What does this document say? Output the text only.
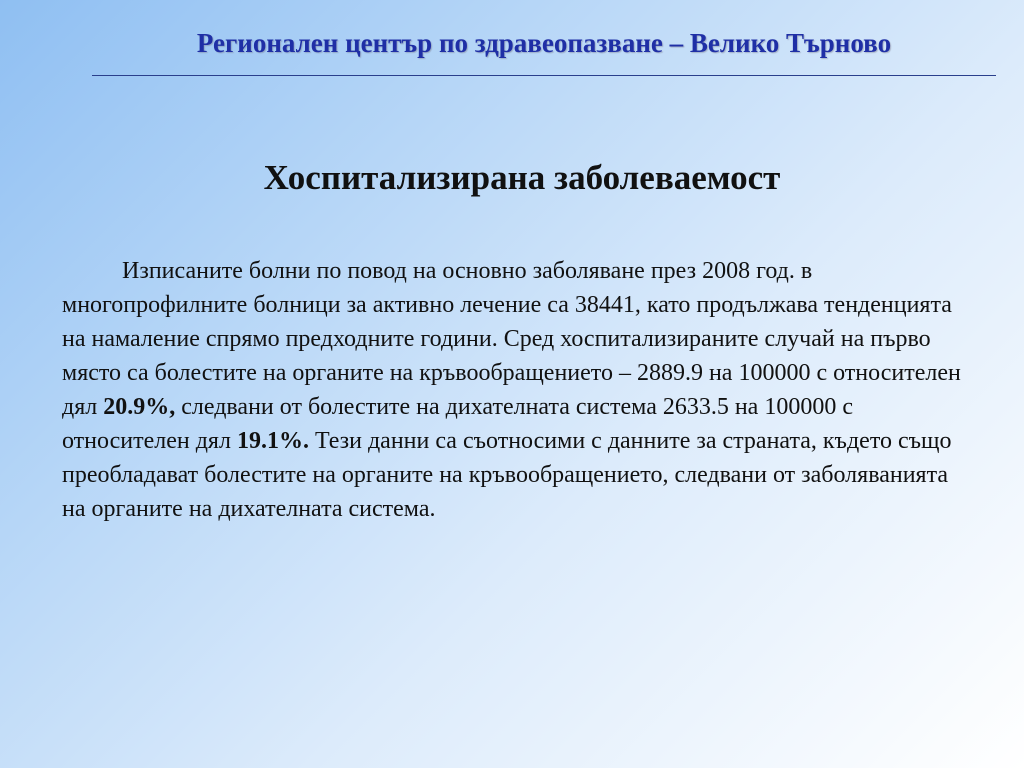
Регионален център по здравеопазване – Велико Търново
Хоспитализирана заболеваемост
Изписаните болни по повод на основно заболяване през 2008 год. в многопрофилните болници за активно лечение са 38441, като продължава тенденцията на намаление спрямо предходните години. Сред хоспитализираните случай на първо място са болестите на органите на кръвообращението – 2889.9 на 100000 с относителен дял 20.9%, следвани от болестите на дихателната система 2633.5 на 100000 с относителен дял 19.1%. Тези данни са съотносими с данните за страната, където също преобладават болестите на органите на кръвообращението, следвани от заболяванията на органите на дихателната система.
